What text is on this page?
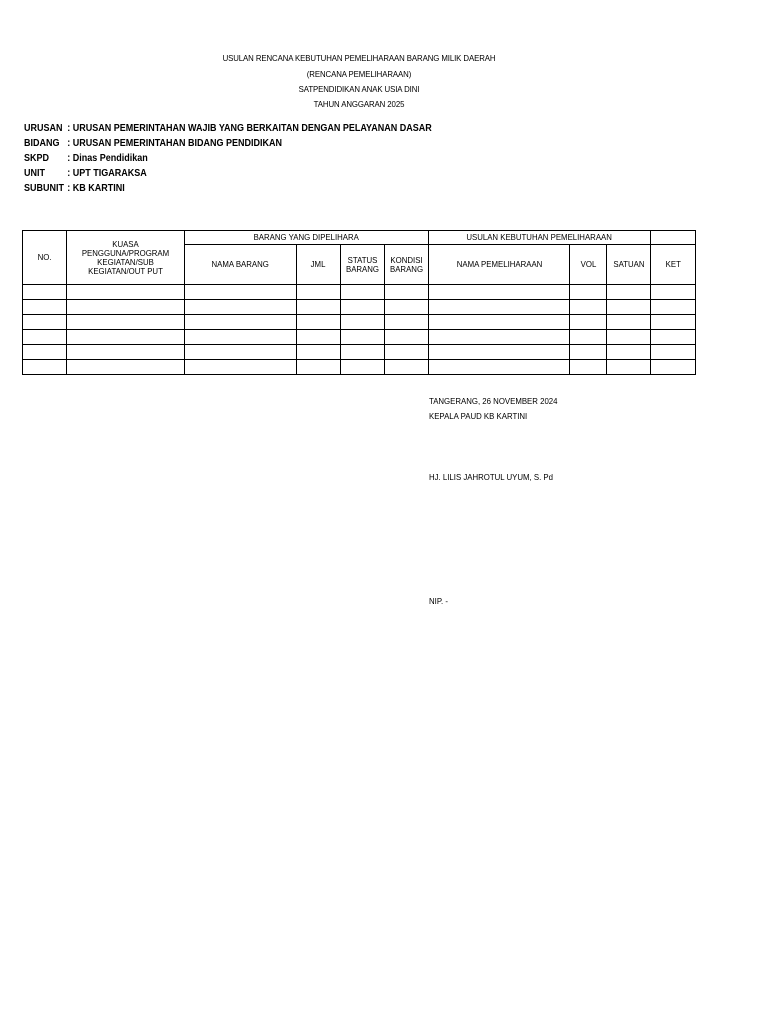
USULAN RENCANA KEBUTUHAN PEMELIHARAAN BARANG MILIK DAERAH
(RENCANA PEMELIHARAAN)
SATPENDIDIKAN ANAK USIA DINI
TAHUN ANGGARAN 2025
URUSAN : URUSAN PEMERINTAHAN WAJIB YANG BERKAITAN DENGAN PELAYANAN DASAR
BIDANG : URUSAN PEMERINTAHAN BIDANG PENDIDIKAN
SKPD : Dinas Pendidikan
UNIT : UPT TIGARAKSA
SUBUNIT : KB KARTINI
NO.	KUASA PENGGUNA/PROGRAM KEGIATAN/SUB KEGIATAN/OUT PUT	BARANG YANG DIPELIHARA				USULAN KEBUTUHAN PEMELIHARAAN			
		NAMA BARANG	JML	STATUS BARANG	KONDISI BARANG	NAMA PEMELIHARAAN	VOL	SATUAN	KET

TANGERANG, 26 NOVEMBER 2024
KEPALA PAUD KB KARTINI
HJ. LILIS JAHROTUL UYUM, S. Pd
NIP. -
